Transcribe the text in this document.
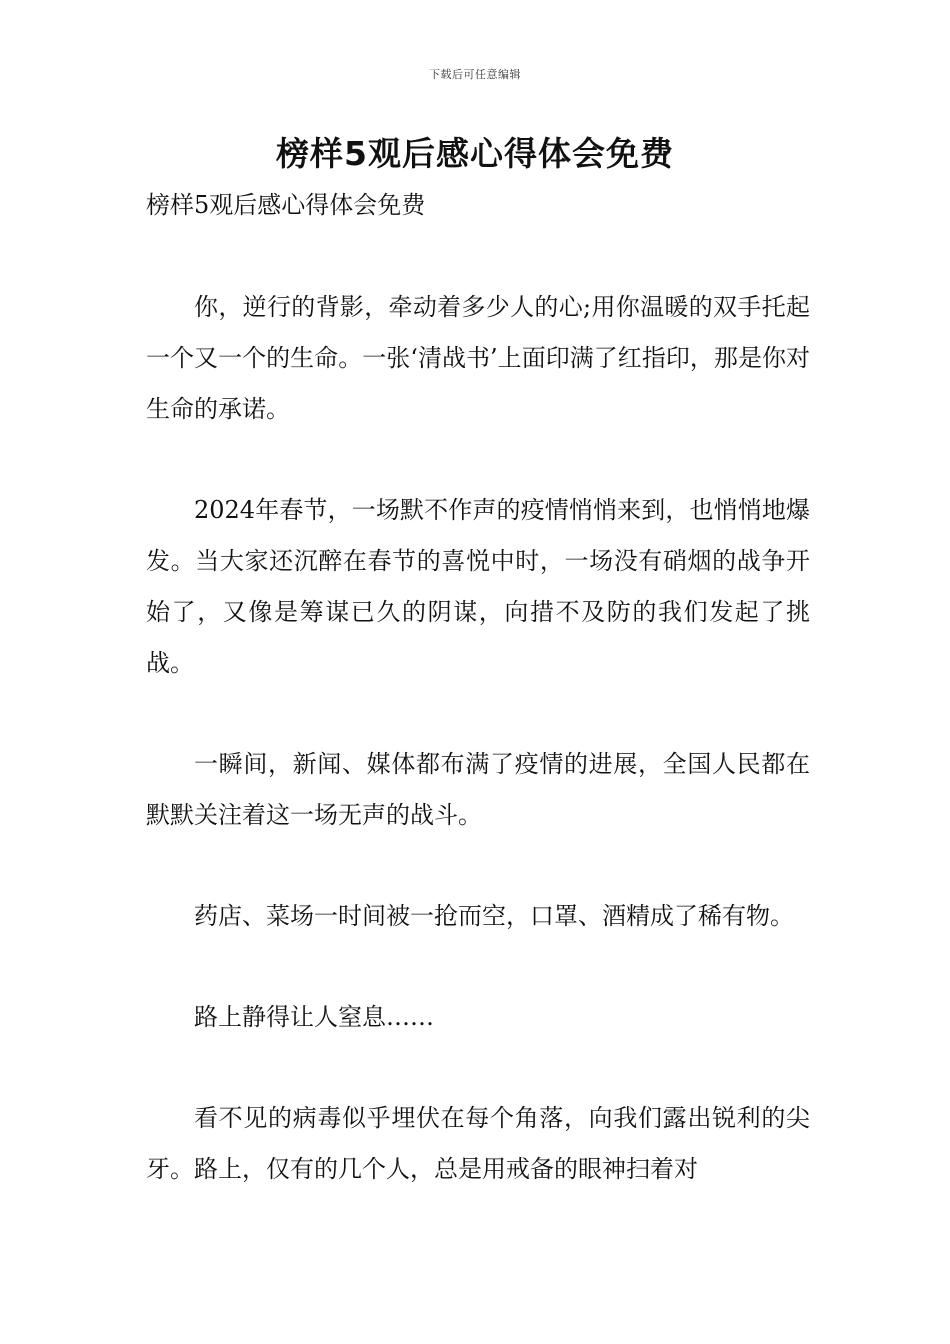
下载后可任意编辑
榜样5观后感心得体会免费

榜样5观后感心得体会免费

你，逆行的背影，牵动着多少人的心;用你温暖的双手托起一个又一个的生命。一张‘清战书’上面印满了红指印，那是你对生命的承诺。

2024年春节，一场默不作声的疫情悄悄来到，也悄悄地爆发。当大家还沉醉在春节的喜悦中时，一场没有硝烟的战争开始了，又像是筹谋已久的阴谋，向措不及防的我们发起了挑战。

一瞬间，新闻、媒体都布满了疫情的进展，全国人民都在默默关注着这一场无声的战斗。

药店、菜场一时间被一抢而空，口罩、酒精成了稀有物。

路上静得让人窒息……

看不见的病毒似乎埋伏在每个角落，向我们露出锐利的尖牙。路上，仅有的几个人，总是用戒备的眼神扫着对
